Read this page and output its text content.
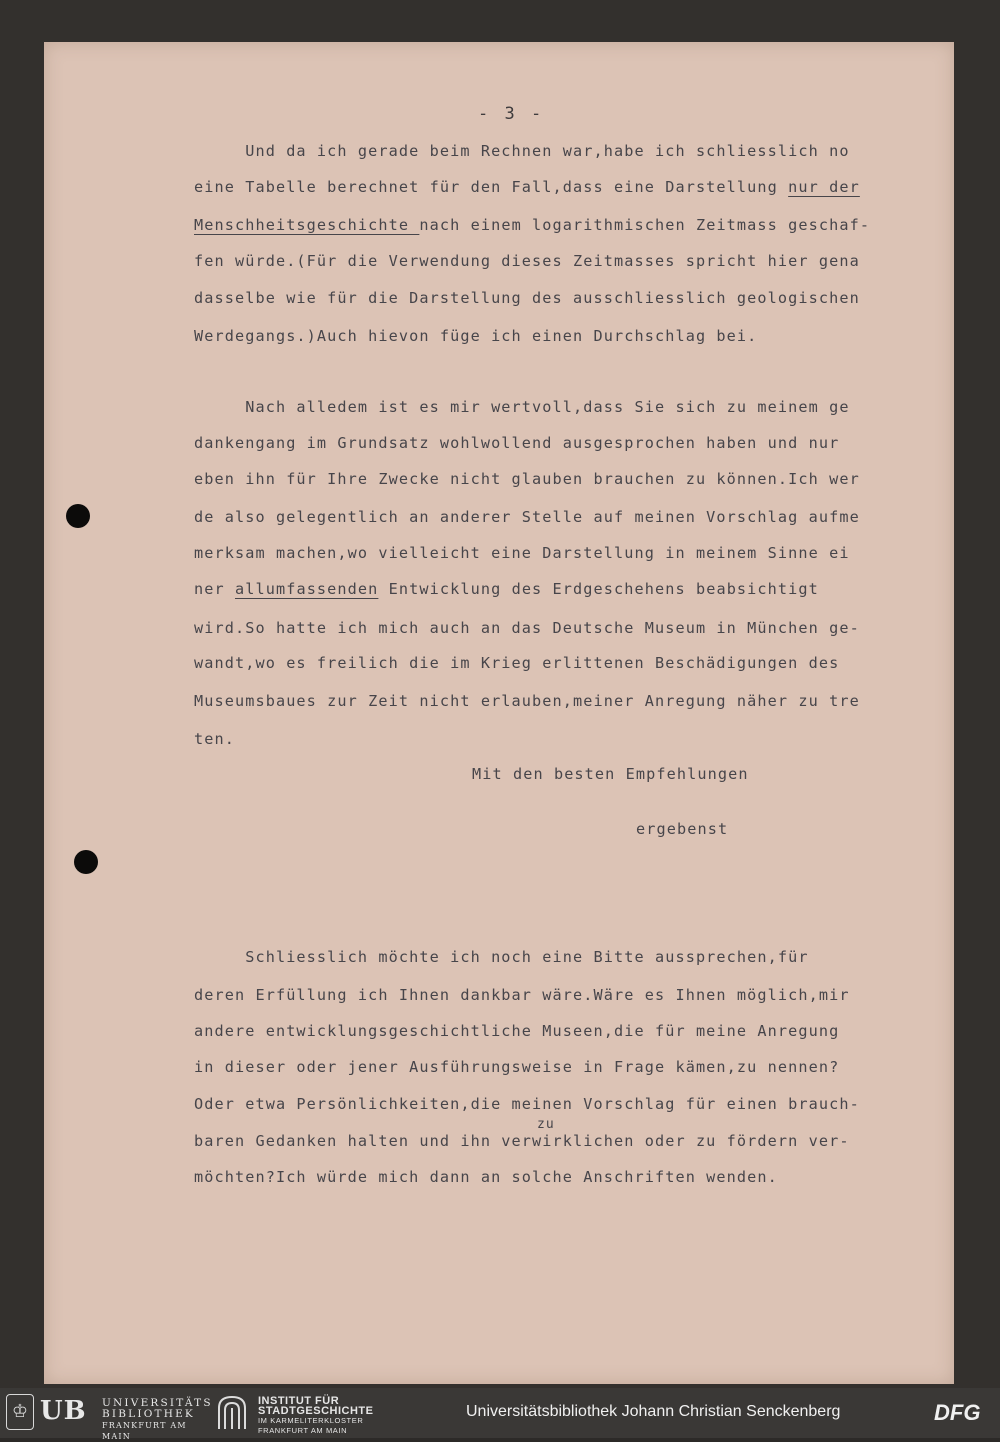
- 3 -
Und da ich gerade beim Rechnen war,habe ich schliesslich no
eine Tabelle berechnet für den Fall,dass eine Darstellung nur der
Menschheitsgeschichte nach einem logarithmischen Zeitmass geschaf-
fen würde.(Für die Verwendung dieses Zeitmasses spricht hier gena
dasselbe wie für die Darstellung des ausschliesslich geologischen
Werdegangs.)Auch hievon füge ich einen Durchschlag bei.
Nach alledem ist es mir wertvoll,dass Sie sich zu meinem ge
dankengang im Grundsatz wohlwollend ausgesprochen haben und nur
eben ihn für Ihre Zwecke nicht glauben brauchen zu können.Ich wer
de also gelegentlich an anderer Stelle auf meinen Vorschlag aufme
merksam machen,wo vielleicht eine Darstellung in meinem Sinne ei
ner allumfassenden Entwicklung des Erdgeschehens beabsichtigt
wird.So hatte ich mich auch an das Deutsche Museum in München ge-
wandt,wo es freilich die im Krieg erlittenen Beschädigungen des
Museumsbaues zur Zeit nicht erlauben,meiner Anregung näher zu tre
ten.
Mit den besten Empfehlungen
ergebenst
Schliesslich möchte ich noch eine Bitte aussprechen,für
deren Erfüllung ich Ihnen dankbar wäre.Wäre es Ihnen möglich,mir
andere entwicklungsgeschichtliche Museen,die für meine Anregung
in dieser oder jener Ausführungsweise in Frage kämen,zu nennen?
Oder etwa Persönlichkeiten,die meinen Vorschlag für einen brauch-
zu
baren Gedanken halten und ihn verwirklichen oder zu fördern ver-
möchten?Ich würde mich dann an solche Anschriften wenden.
♔ UB UNIVERSITÄTS
BIBLIOTHEK
FRANKFURT AM MAIN
INSTITUT FÜR
STADTGESCHICHTE
IM KARMELITERKLOSTER
FRANKFURT AM MAIN
Universitätsbibliothek Johann Christian Senckenberg	DFG
